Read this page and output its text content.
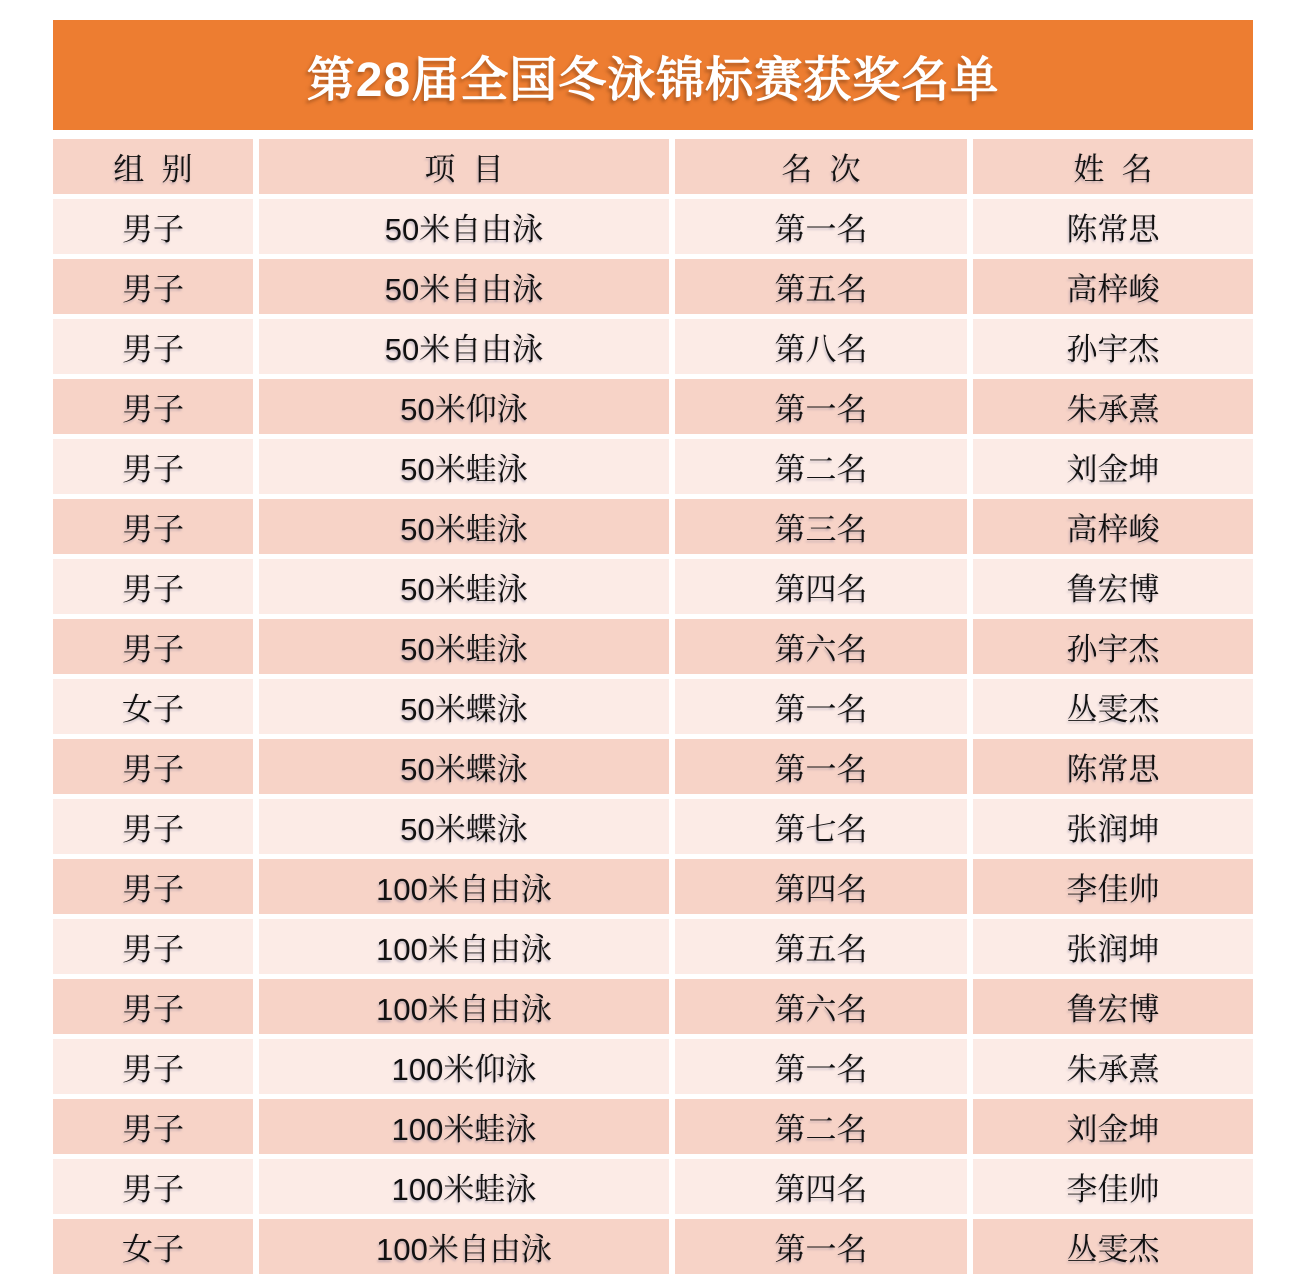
第28届全国冬泳锦标赛获奖名单
组  别	项  目	名  次	姓  名
男子	50米自由泳	第一名	陈常思
男子	50米自由泳	第五名	高梓峻
男子	50米自由泳	第八名	孙宇杰
男子	50米仰泳	第一名	朱承熹
男子	50米蛙泳	第二名	刘金坤
男子	50米蛙泳	第三名	高梓峻
男子	50米蛙泳	第四名	鲁宏博
男子	50米蛙泳	第六名	孙宇杰
女子	50米蝶泳	第一名	丛雯杰
男子	50米蝶泳	第一名	陈常思
男子	50米蝶泳	第七名	张润坤
男子	100米自由泳	第四名	李佳帅
男子	100米自由泳	第五名	张润坤
男子	100米自由泳	第六名	鲁宏博
男子	100米仰泳	第一名	朱承熹
男子	100米蛙泳	第二名	刘金坤
男子	100米蛙泳	第四名	李佳帅
女子	100米自由泳	第一名	丛雯杰
